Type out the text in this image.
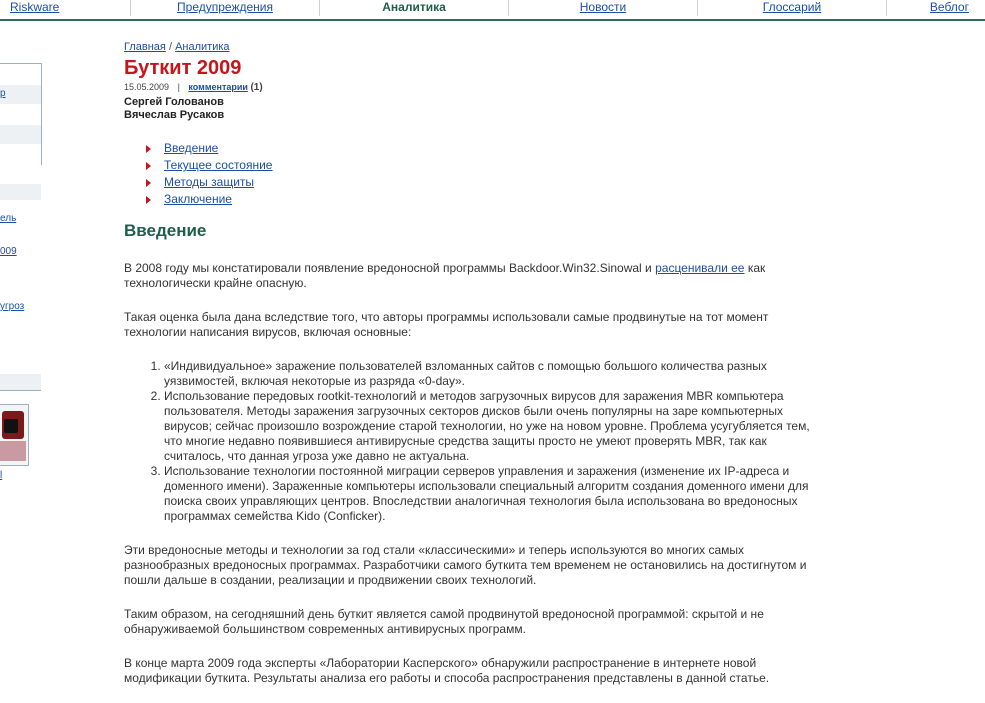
Riskware	Предупреждения	Аналитика	Новости	Глоссарий	Веблог
р
ель
009
угроз
l
Главная / Аналитика
Буткит 2009
15.05.2009 | комментарии (1)
Сергей Голованов
Вячеслав Русаков
Введение
Текущее состояние
Методы защиты
Заключение
Введение

В 2008 году мы констатировали появление вредоносной программы Backdoor.Win32.Sinowal и расценивали ее как технологически крайне опасную.

Такая оценка была дана вследствие того, что авторы программы использовали самые продвинутые на тот момент технологии написания вирусов, включая основные:

1. «Индивидуальное» заражение пользователей взломанных сайтов с помощью большого количества разных уязвимостей, включая некоторые из разряда «0-day».
2. Использование передовых rootkit-технологий и методов загрузочных вирусов для заражения MBR компьютера пользователя. Методы заражения загрузочных секторов дисков были очень популярны на заре компьютерных вирусов; сейчас произошло возрождение старой технологии, но уже на новом уровне. Проблема усугубляется тем, что многие недавно появившиеся антивирусные средства защиты просто не умеют проверять MBR, так как считалось, что данная угроза уже давно не актуальна.
3. Использование технологии постоянной миграции серверов управления и заражения (изменение их IP-адреса и доменного имени). Зараженные компьютеры использовали специальный алгоритм создания доменного имени для поиска своих управляющих центров. Впоследствии аналогичная технология была использована во вредоносных программах семейства Kido (Conficker).

Эти вредоносные методы и технологии за год стали «классическими» и теперь используются во многих самых разнообразных вредоносных программах. Разработчики самого буткита тем временем не остановились на достигнутом и пошли дальше в создании, реализации и продвижении своих технологий.

Таким образом, на сегодняшний день буткит является самой продвинутой вредоносной программой: скрытой и не обнаруживаемой большинством современных антивирусных программ.

В конце марта 2009 года эксперты «Лаборатории Касперского» обнаружили распространение в интернете новой модификации буткита. Результаты анализа его работы и способа распространения представлены в данной статье.
